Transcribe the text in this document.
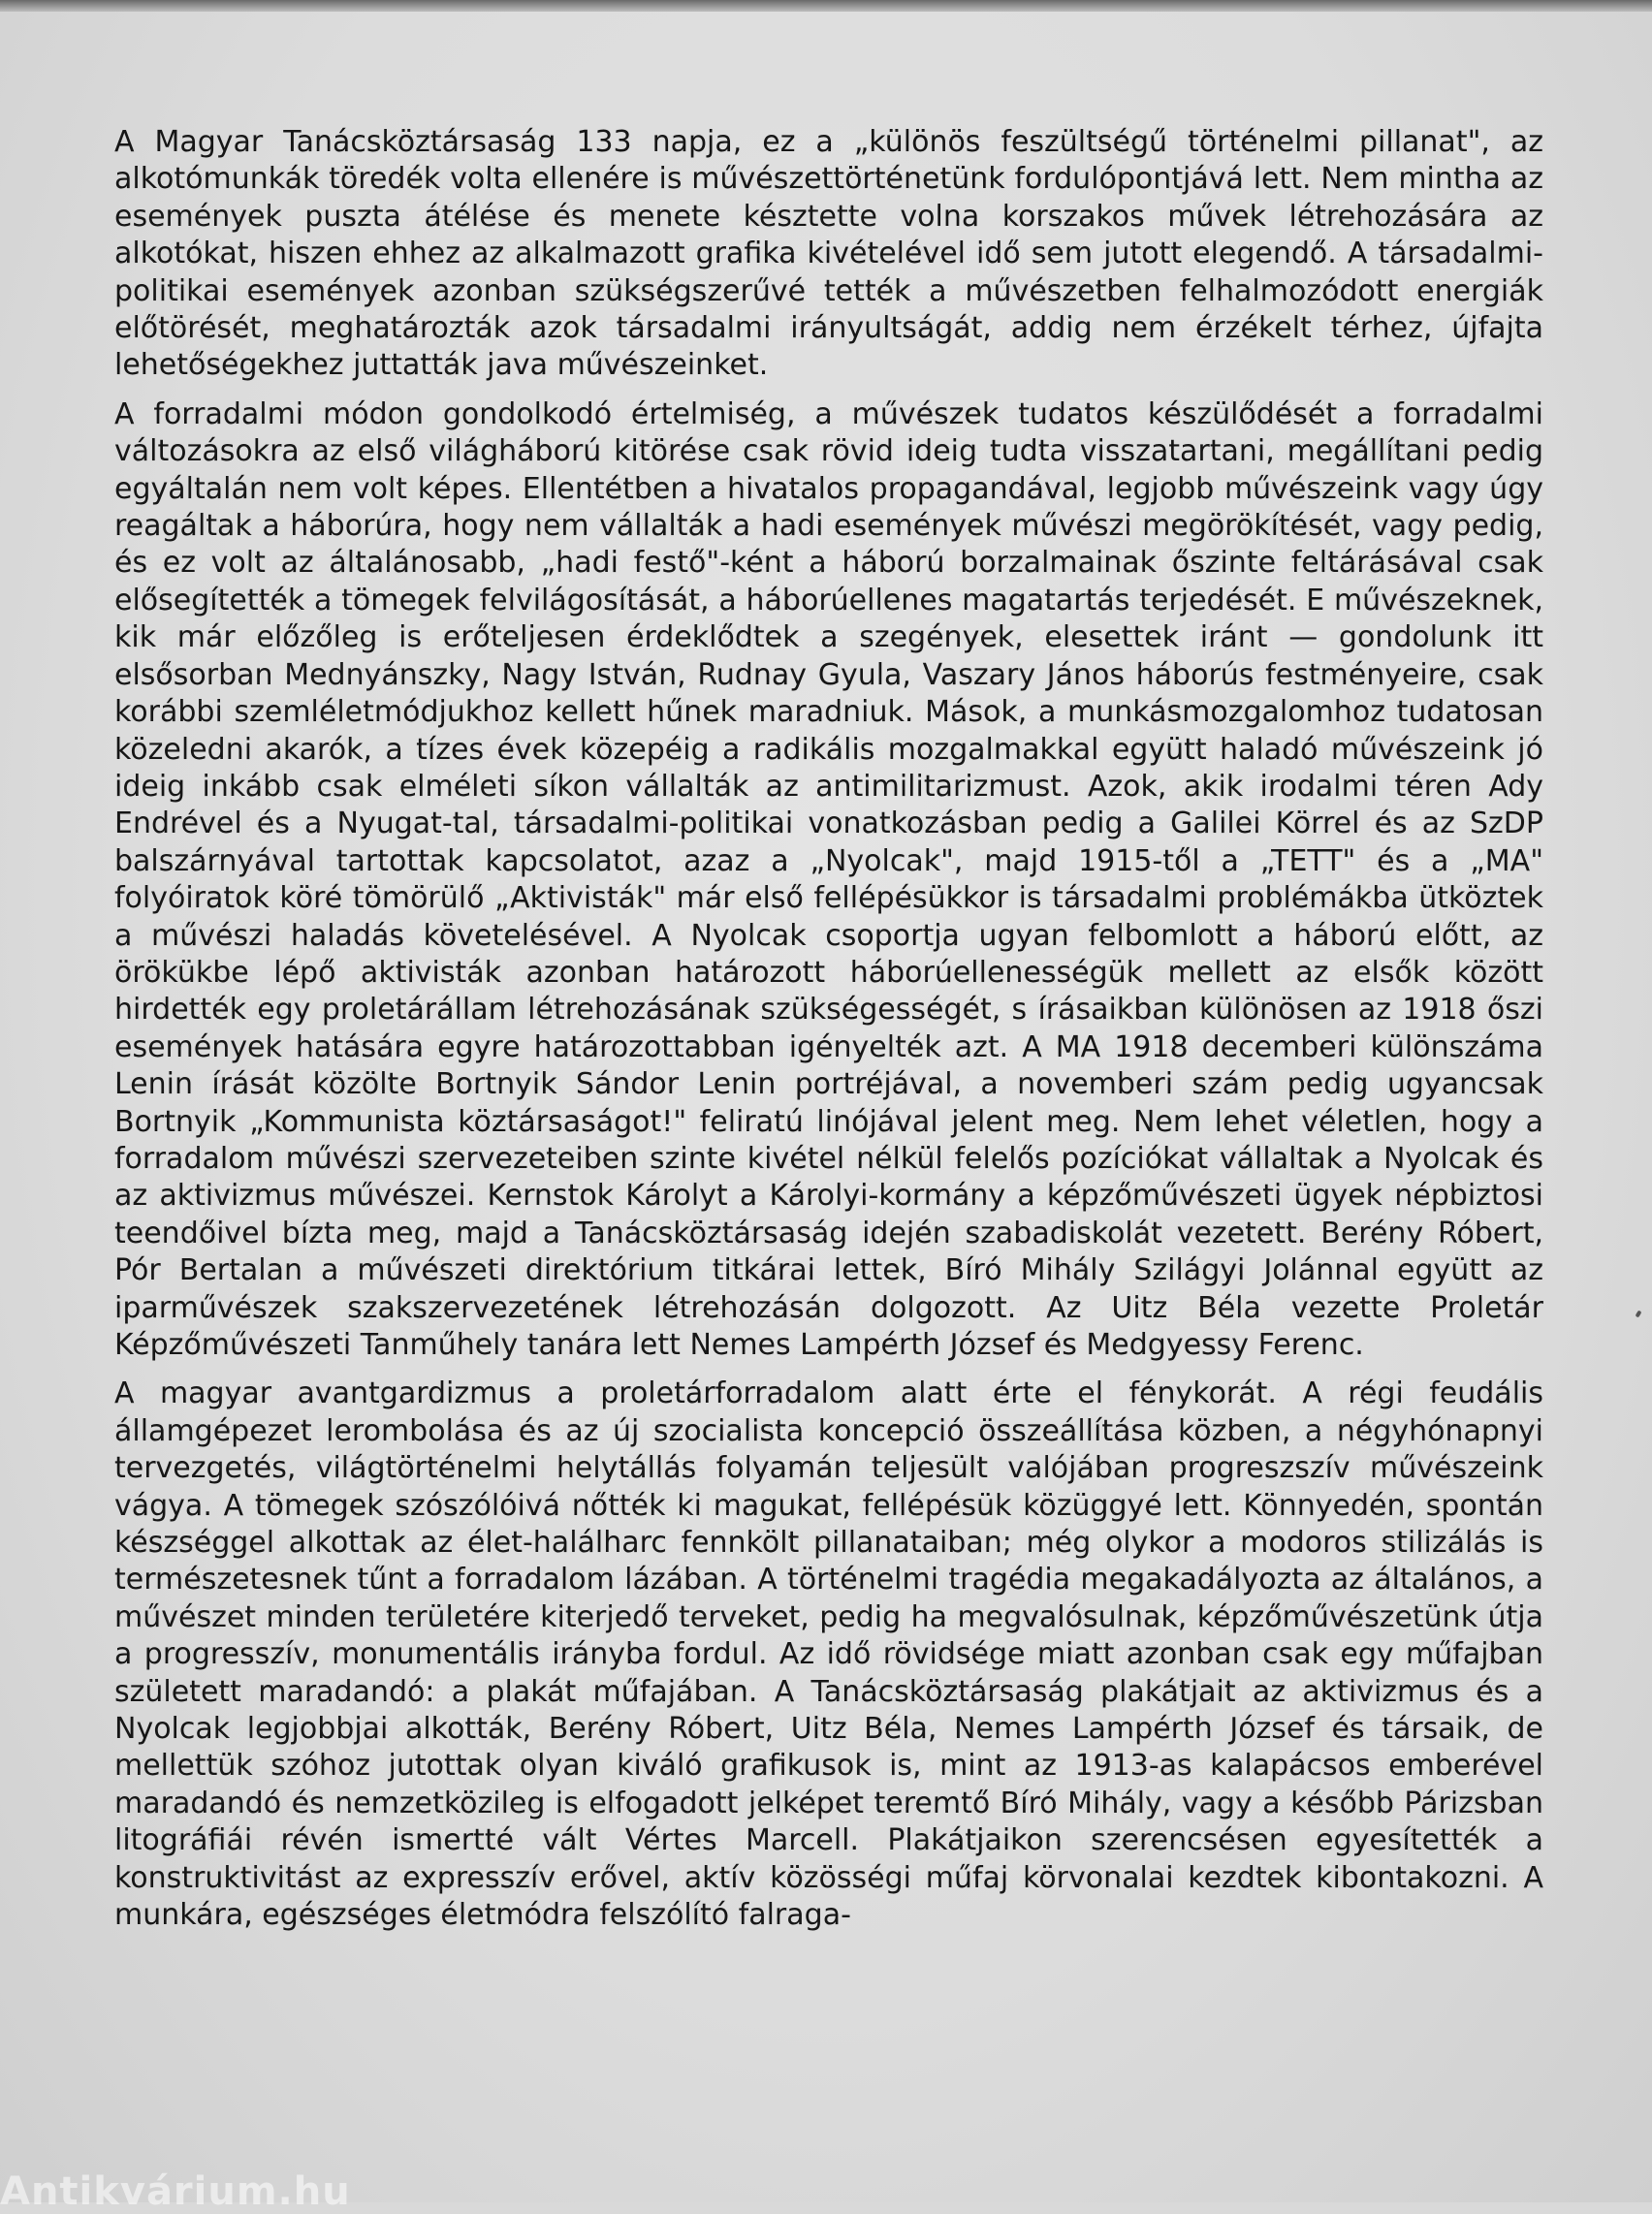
A Magyar Tanácsköztársaság 133 napja, ez a „különös feszültségű történelmi pillanat", az alkotómunkák töredék volta ellenére is művészettörténetünk fordulópontjává lett. Nem mintha az események puszta átélése és menete késztette volna korszakos művek létrehozására az alkotókat, hiszen ehhez az alkalmazott grafika kivételével idő sem jutott elegendő. A társadalmi-politikai események azonban szükségszerűvé tették a művészetben felhalmozódott energiák előtörését, meghatározták azok társadalmi irányultságát, addig nem érzékelt térhez, újfajta lehetőségekhez juttatták java művészeinket.

A forradalmi módon gondolkodó értelmiség, a művészek tudatos készülődését a forradalmi változásokra az első világháború kitörése csak rövid ideig tudta visszatartani, megállítani pedig egyáltalán nem volt képes. Ellentétben a hivatalos propagandával, legjobb művészeink vagy úgy reagáltak a háborúra, hogy nem vállalták a hadi események művészi megörökítését, vagy pedig, és ez volt az általánosabb, „hadi festő"-ként a háború borzalmainak őszinte feltárásával csak elősegítették a tömegek felvilágosítását, a háborúellenes magatartás terjedését. E művészeknek, kik már előzőleg is erőteljesen érdeklődtek a szegények, elesettek iránt — gondolunk itt elsősorban Mednyánszky, Nagy István, Rudnay Gyula, Vaszary János háborús festményeire, csak korábbi szemléletmódjukhoz kellett hűnek maradniuk. Mások, a munkásmozgalomhoz tudatosan közeledni akarók, a tízes évek közepéig a radikális mozgalmakkal együtt haladó művészeink jó ideig inkább csak elméleti síkon vállalták az antimilitarizmust. Azok, akik irodalmi téren Ady Endrével és a Nyugat-tal, társadalmi-politikai vonatkozásban pedig a Galilei Körrel és az SzDP balszárnyával tartottak kapcsolatot, azaz a „Nyolcak", majd 1915-től a „TETT" és a „MA" folyóiratok köré tömörülő „Aktivisták" már első fellépésükkor is társadalmi problémákba ütköztek a művészi haladás követelésével. A Nyolcak csoportja ugyan felbomlott a háború előtt, az örökükbe lépő aktivisták azonban határozott háborúellenességük mellett az elsők között hirdették egy proletárállam létrehozásának szükségességét, s írásaikban különösen az 1918 őszi események hatására egyre határozottabban igényelték azt. A MA 1918 decemberi különszáma Lenin írását közölte Bortnyik Sándor Lenin portréjával, a novemberi szám pedig ugyancsak Bortnyik „Kommunista köztársaságot!" feliratú linójával jelent meg. Nem lehet véletlen, hogy a forradalom művészi szervezeteiben szinte kivétel nélkül felelős pozíciókat vállaltak a Nyolcak és az aktivizmus művészei. Kernstok Károlyt a Károlyi-kormány a képzőművészeti ügyek népbiztosi teendőivel bízta meg, majd a Tanácsköztársaság idején szabadiskolát vezetett. Berény Róbert, Pór Bertalan a művészeti direktórium titkárai lettek, Bíró Mihály Szilágyi Jolánnal együtt az iparművészek szakszervezetének létrehozásán dolgozott. Az Uitz Béla vezette Proletár Képzőművészeti Tanműhely tanára lett Nemes Lampérth József és Medgyessy Ferenc.

A magyar avantgardizmus a proletárforradalom alatt érte el fénykorát. A régi feudális államgépezet lerombolása és az új szocialista koncepció összeállítása közben, a négyhónapnyi tervezgetés, világtörténelmi helytállás folyamán teljesült valójában progreszszív művészeink vágya. A tömegek szószólóivá nőtték ki magukat, fellépésük közüggyé lett. Könnyedén, spontán készséggel alkottak az élet-halálharc fennkölt pillanataiban; még olykor a modoros stilizálás is természetesnek tűnt a forradalom lázában. A történelmi tragédia megakadályozta az általános, a művészet minden területére kiterjedő terveket, pedig ha megvalósulnak, képzőművészetünk útja a progresszív, monumentális irányba fordul. Az idő rövidsége miatt azonban csak egy műfajban született maradandó: a plakát műfajában. A Tanácsköztársaság plakátjait az aktivizmus és a Nyolcak legjobbjai alkották, Berény Róbert, Uitz Béla, Nemes Lampérth József és társaik, de mellettük szóhoz jutottak olyan kiváló grafikusok is, mint az 1913-as kalapácsos emberével maradandó és nemzetközileg is elfogadott jelképet teremtő Bíró Mihály, vagy a később Párizsban litográfiái révén ismertté vált Vértes Marcell. Plakátjaikon szerencsésen egyesítették a konstruktivitást az expresszív erővel, aktív közösségi műfaj körvonalai kezdtek kibontakozni. A munkára, egészséges életmódra felszólító falraga-

Antikvárium.hu
